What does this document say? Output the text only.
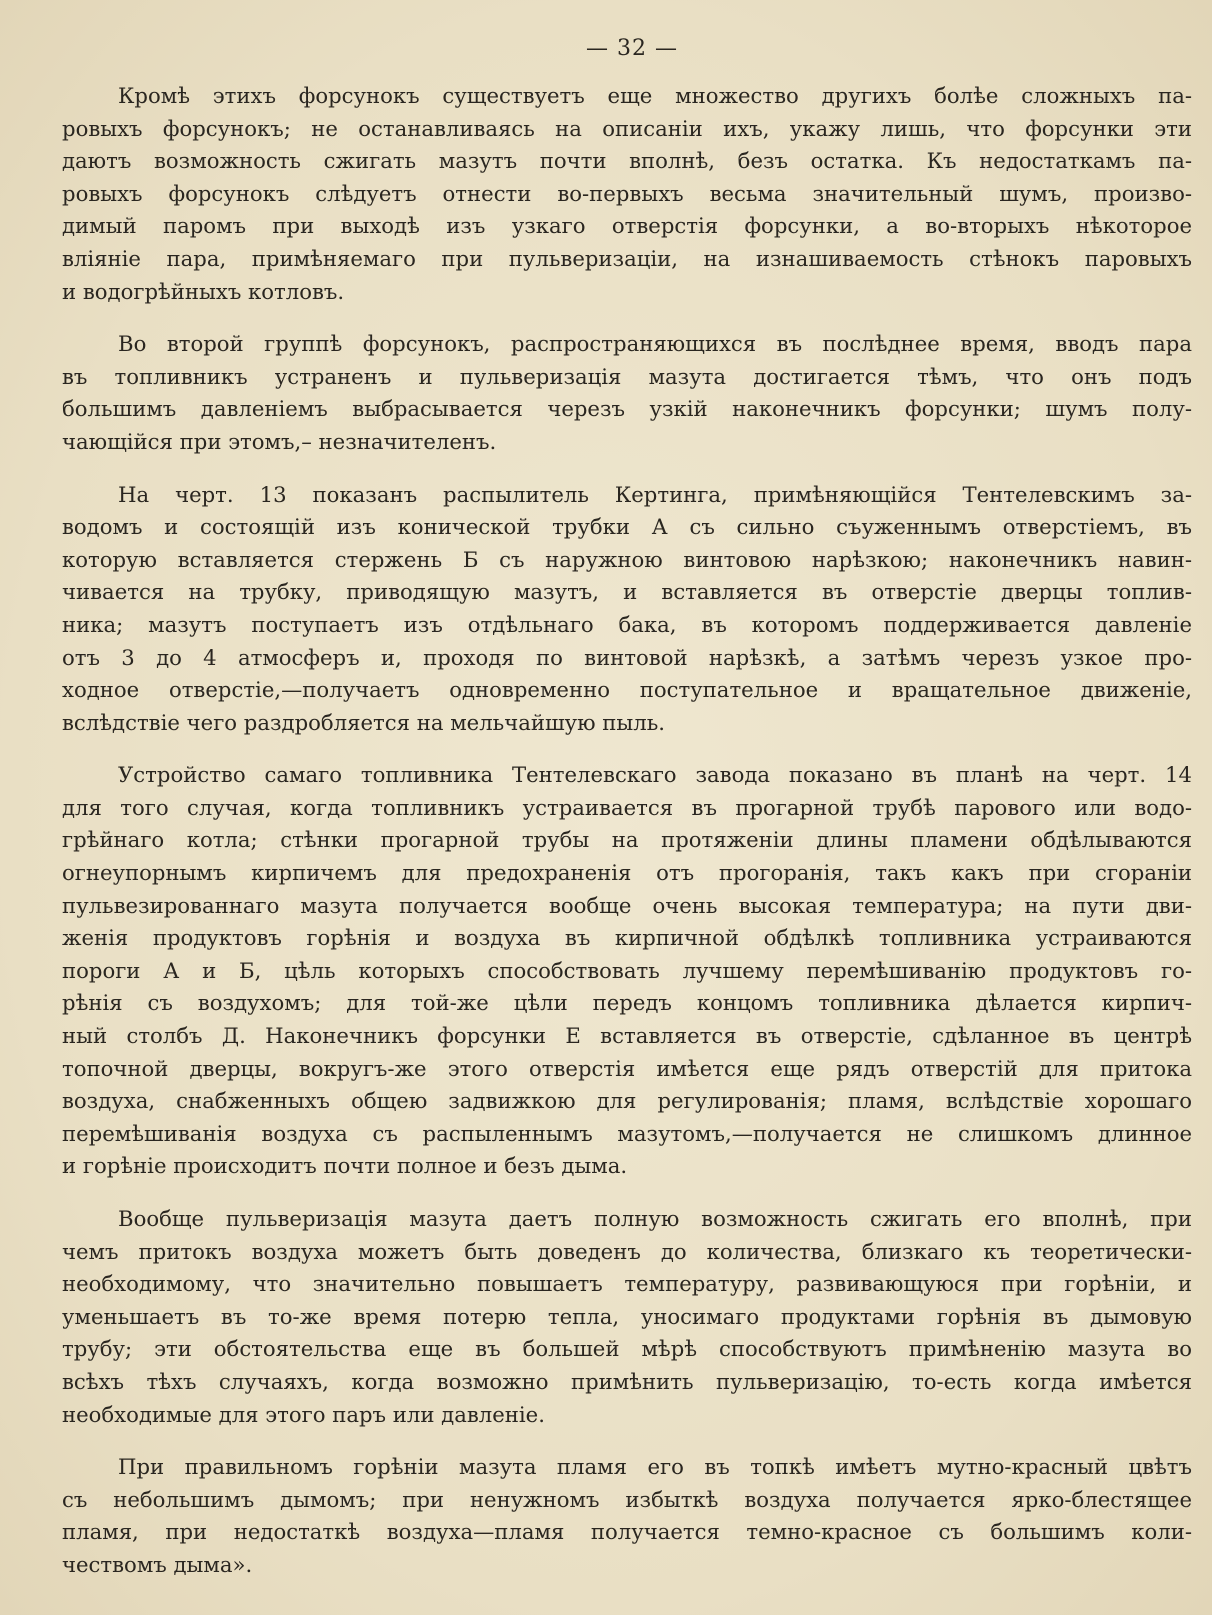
— 32 —
Кромѣ этихъ форсунокъ существуетъ еще множество другихъ болѣе сложныхъ па-
ровыхъ форсунокъ; не останавливаясь на описанiи ихъ, укажу лишь, что форсунки эти
даютъ возможность сжигать мазутъ почти вполнѣ, безъ остатка. Къ недостаткамъ па-
ровыхъ форсунокъ слѣдуетъ отнести во-первыхъ весьма значительный шумъ, произво-
димый паромъ при выходѣ изъ узкаго отверстiя форсунки, а во-вторыхъ нѣкоторое
влiянiе пара, примѣняемаго при пульверизацiи, на изнашиваемость стѣнокъ паровыхъ
и водогрѣйныхъ котловъ.
Во второй группѣ форсунокъ, распространяющихся въ послѣднее время, вводъ пара
въ топливникъ устраненъ и пульверизацiя мазута достигается тѣмъ, что онъ подъ
большимъ давленiемъ выбрасывается черезъ узкiй наконечникъ форсунки; шумъ полу-
чающiйся при этомъ,– незначителенъ.
На черт. 13 показанъ распылитель Кертинга, примѣняющiйся Тентелевскимъ за-
водомъ и состоящiй изъ конической трубки А съ сильно съуженнымъ отверстiемъ, въ
которую вставляется стержень Б съ наружною винтовою нарѣзкою; наконечникъ навин-
чивается на трубку, приводящую мазутъ, и вставляется въ отверстiе дверцы топлив-
ника; мазутъ поступаетъ изъ отдѣльнаго бака, въ которомъ поддерживается давленiе
отъ 3 до 4 атмосферъ и, проходя по винтовой нарѣзкѣ, а затѣмъ черезъ узкое про-
ходное отверстiе,—получаетъ одновременно поступательное и вращательное движенiе,
вслѣдствiе чего раздробляется на мельчайшую пыль.
Устройство самаго топливника Тентелевскаго завода показано въ планѣ на черт. 14
для того случая, когда топливникъ устраивается въ прогарной трубѣ парового или водо-
грѣйнаго котла; стѣнки прогарной трубы на протяженiи длины пламени обдѣлываются
огнеупорнымъ кирпичемъ для предохраненiя отъ прогоранiя, такъ какъ при сгоранiи
пульвезированнаго мазута получается вообще очень высокая температура; на пути дви-
женiя продуктовъ горѣнiя и воздуха въ кирпичной обдѣлкѣ топливника устраиваются
пороги А и Б, цѣль которыхъ способствовать лучшему перемѣшиванiю продуктовъ го-
рѣнiя съ воздухомъ; для той-же цѣли передъ концомъ топливника дѣлается кирпич-
ный столбъ Д. Наконечникъ форсунки Е вставляется въ отверстiе, сдѣланное въ центрѣ
топочной дверцы, вокругъ-же этого отверстiя имѣется еще рядъ отверстiй для притока
воздуха, снабженныхъ общею задвижкою для регулированiя; пламя, вслѣдствiе хорошаго
перемѣшиванiя воздуха съ распыленнымъ мазутомъ,—получается не слишкомъ длинное
и горѣнiе происходитъ почти полное и безъ дыма.
Вообще пульверизацiя мазута даетъ полную возможность сжигать его вполнѣ, при
чемъ притокъ воздуха можетъ быть доведенъ до количества, близкаго къ теоретически-
необходимому, что значительно повышаетъ температуру, развивающуюся при горѣнiи, и
уменьшаетъ въ то-же время потерю тепла, уносимаго продуктами горѣнiя въ дымовую
трубу; эти обстоятельства еще въ большей мѣрѣ способствуютъ примѣненiю мазута во
всѣхъ тѣхъ случаяхъ, когда возможно примѣнить пульверизацiю, то-есть когда имѣется
необходимые для этого паръ или давленiе.
При правильномъ горѣнiи мазута пламя его въ топкѣ имѣетъ мутно-красный цвѣтъ
съ небольшимъ дымомъ; при ненужномъ избыткѣ воздуха получается ярко-блестящее
пламя, при недостаткѣ воздуха—пламя получается темно-красное съ большимъ коли-
чествомъ дыма».
